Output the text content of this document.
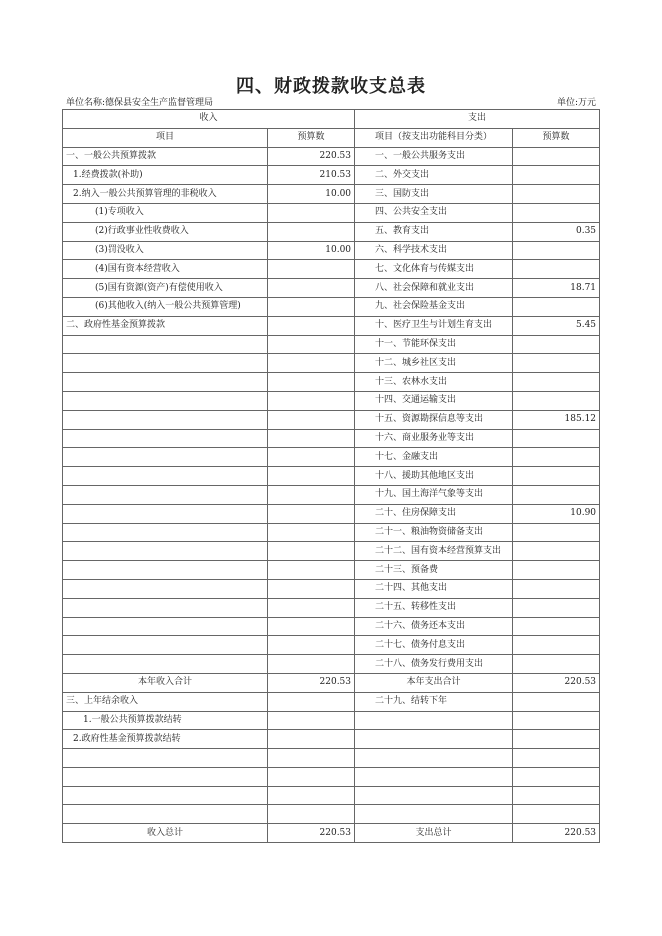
四、财政拨款收支总表
单位名称:德保县安全生产监督管理局	单位:万元
收入		支出	
项目	预算数	项目（按支出功能科目分类）	预算数
一、一般公共预算拨款	220.53	一、一般公共服务支出	
1.经费拨款(补助)	210.53	二、外交支出	
2.纳入一般公共预算管理的非税收入	10.00	三、国防支出	
(1)专项收入		四、公共安全支出	
(2)行政事业性收费收入		五、教育支出	0.35
(3)罚没收入	10.00	六、科学技术支出	
(4)国有资本经营收入		七、文化体育与传媒支出	
(5)国有资源(资产)有偿使用收入		八、社会保障和就业支出	18.71
(6)其他收入(纳入一般公共预算管理)		九、社会保险基金支出	
二、政府性基金预算拨款		十、医疗卫生与计划生育支出	5.45
		十一、节能环保支出	
		十二、城乡社区支出	
		十三、农林水支出	
		十四、交通运输支出	
		十五、资源勘探信息等支出	185.12
		十六、商业服务业等支出	
		十七、金融支出	
		十八、援助其他地区支出	
		十九、国土海洋气象等支出	
		二十、住房保障支出	10.90
		二十一、粮油物资储备支出	
		二十二、国有资本经营预算支出	
		二十三、预备费	
		二十四、其他支出	
		二十五、转移性支出	
		二十六、债务还本支出	
		二十七、债务付息支出	
		二十八、债务发行费用支出	
本年收入合计	220.53	本年支出合计	220.53
三、上年结余收入		二十九、结转下年	
1.一般公共预算拨款结转			
2.政府性基金预算拨款结转			

收入总计	220.53	支出总计	220.53
